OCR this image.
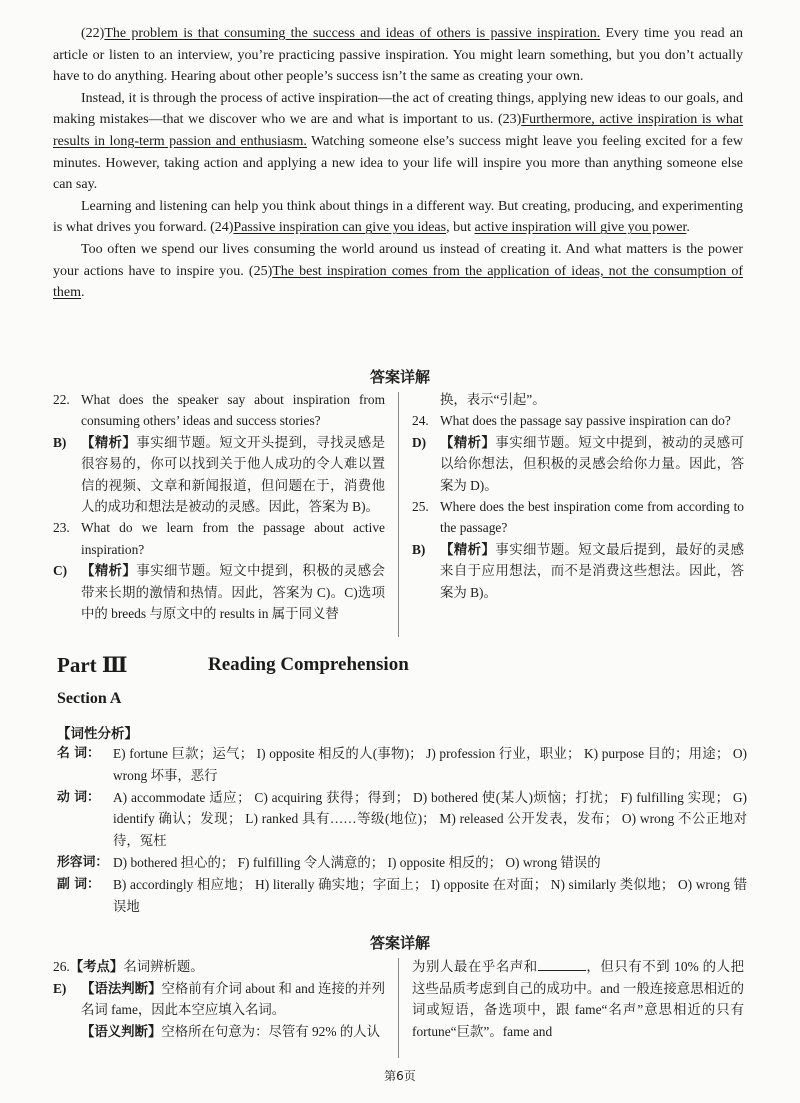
(22)The problem is that consuming the success and ideas of others is passive inspiration. Every time you read an article or listen to an interview, you’re practicing passive inspiration. You might learn something, but you don’t actually have to do anything. Hearing about other people’s success isn’t the same as creating your own.

Instead, it is through the process of active inspiration—the act of creating things, applying new ideas to our goals, and making mistakes—that we discover who we are and what is important to us. (23)Furthermore, active inspiration is what results in long-term passion and enthusiasm. Watching someone else’s success might leave you feeling excited for a few minutes. However, taking action and applying a new idea to your life will inspire you more than anything someone else can say.

Learning and listening can help you think about things in a different way. But creating, producing, and experimenting is what drives you forward. (24)Passive inspiration can give you ideas, but active inspiration will give you power.

Too often we spend our lives consuming the world around us instead of creating it. And what matters is the power your actions have to inspire you. (25)The best inspiration comes from the application of ideas, not the consumption of them.

答案详解
22. What does the speaker say about inspiration from consuming others’ ideas and success stories?
B) 【精析】事实细节题。短文开头提到，寻找灵感是很容易的，你可以找到关于他人成功的令人难以置信的视频、文章和新闻报道，但问题在于，消费他人的成功和想法是被动的灵感。因此，答案为 B)。
23. What do we learn from the passage about active inspiration?
C) 【精析】事实细节题。短文中提到，积极的灵感会带来长期的激情和热情。因此，答案为 C)。C)选项中的 breeds 与原文中的 results in 属于同义替
换，表示“引起”。
24. What does the passage say passive inspiration can do?
D) 【精析】事实细节题。短文中提到，被动的灵感可以给你想法，但积极的灵感会给你力量。因此，答案为 D)。
25. Where does the best inspiration come from according to the passage?
B) 【精析】事实细节题。短文最后提到，最好的灵感来自于应用想法，而不是消费这些想法。因此，答案为 B)。
Part Ⅲ	Reading Comprehension
Section A
【词性分析】
名 词： E) fortune 巨款；运气； I) opposite 相反的人(事物)； J) profession 行业，职业； K) purpose 目的；用途； O) wrong 坏事，恶行
动 词： A) accommodate 适应； C) acquiring 获得；得到； D) bothered 使(某人)烦恼；打扰； F) fulfilling 实现； G) identify 确认；发现； L) ranked 具有……等级(地位)； M) released 公开发表，发布； O) wrong 不公正地对待，冤枉
形容词： D) bothered 担心的； F) fulfilling 令人满意的； I) opposite 相反的； O) wrong 错误的
副 词： B) accordingly 相应地； H) literally 确实地；字面上； I) opposite 在对面； N) similarly 类似地； O) wrong 错误地
答案详解
26.【考点】名词辨析题。
E) 【语法判断】空格前有介词 about 和 and 连接的并列名词 fame，因此本空应填入名词。
【语义判断】空格所在句意为：尽管有 92% 的人认
为别人最在乎名声和	，但只有不到 10% 的人把这些品质考虑到自己的成功中。and 一般连接意思相近的词或短语，备选项中，跟 fame“名声”意思相近的只有 fortune“巨款”。fame and
第6页
